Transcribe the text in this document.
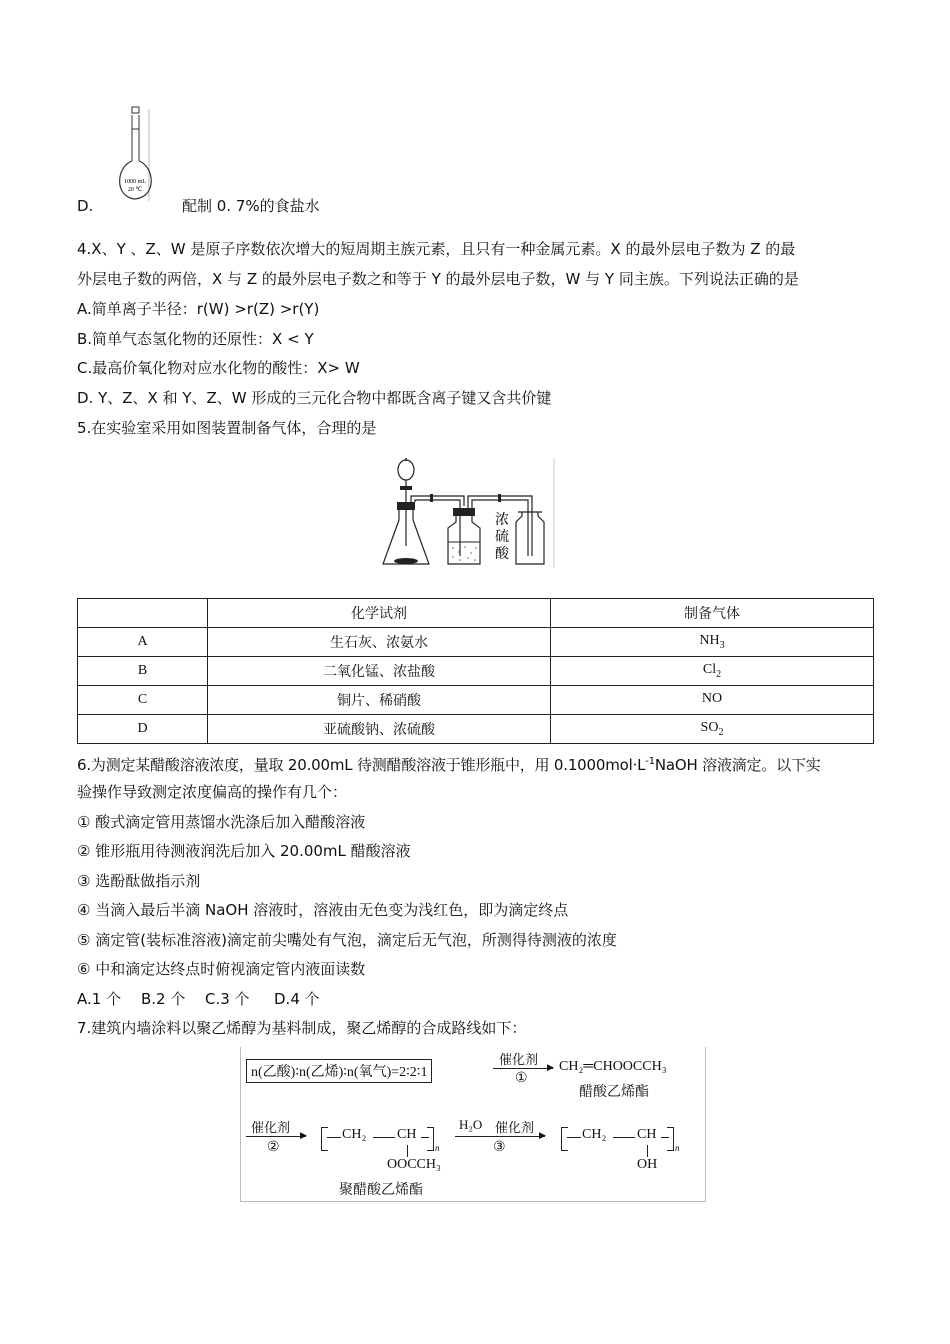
1000 mL
20 ℃
D.	配制 0. 7%的食盐水
4.X、Y 、Z、W 是原子序数依次增大的短周期主族元素，且只有一种金属元素。X 的最外层电子数为 Z 的最
外层电子数的两倍，X 与 Z 的最外层电子数之和等于 Y 的最外层电子数，W 与 Y 同主族。下列说法正确的是
A.简单离子半径：r(W) >r(Z) >r(Y)
B.简单气态氢化物的还原性：X < Y
C.最高价氧化物对应水化物的酸性：X> W
D. Y、Z、X 和 Y、Z、W 形成的三元化合物中都既含离子键又含共价键
5.在实验室采用如图装置制备气体，合理的是
浓
硫
酸
	化学试剂	制备气体
A	生石灰、浓氨水	$NH_3$
B	二氧化锰、浓盐酸	$Cl_2$
C	铜片、稀硝酸	NO
D	亚硫酸钠、浓硫酸	$SO_2$
6.为测定某醋酸溶液浓度，量取 20.00mL 待测醋酸溶液于锥形瓶中，用 $0.1000mol\cdot L^{-1}NaOH$ 溶液滴定。以下实
验操作导致测定浓度偏高的操作有几个：
① 酸式滴定管用蒸馏水洗涤后加入醋酸溶液
② 锥形瓶用待测液润洗后加入 20.00mL 醋酸溶液
③ 选酚酞做指示剂
④ 当滴入最后半滴 NaOH 溶液时，溶液由无色变为浅红色，即为滴定终点
⑤ 滴定管(装标准溶液)滴定前尖嘴处有气泡，滴定后无气泡，所测得待测液的浓度
⑥ 中和滴定达终点时俯视滴定管内液面读数
A.1 个 B.2 个 C.3 个 D.4 个
7.建筑内墙涂料以聚乙烯醇为基料制成，聚乙烯醇的合成路线如下：
n(乙酸)∶n(乙烯)∶n(氧气)=2∶2∶1
催化剂 ▶
①
CH₂═CHOOCCH₃
醋酸乙烯酯
催化剂 ▶
②
CH₂ CH
n
OOCCH₃
聚醋酸乙烯酯
H₂O 催化剂 ▶
③
CH₂ CH
n
OH
